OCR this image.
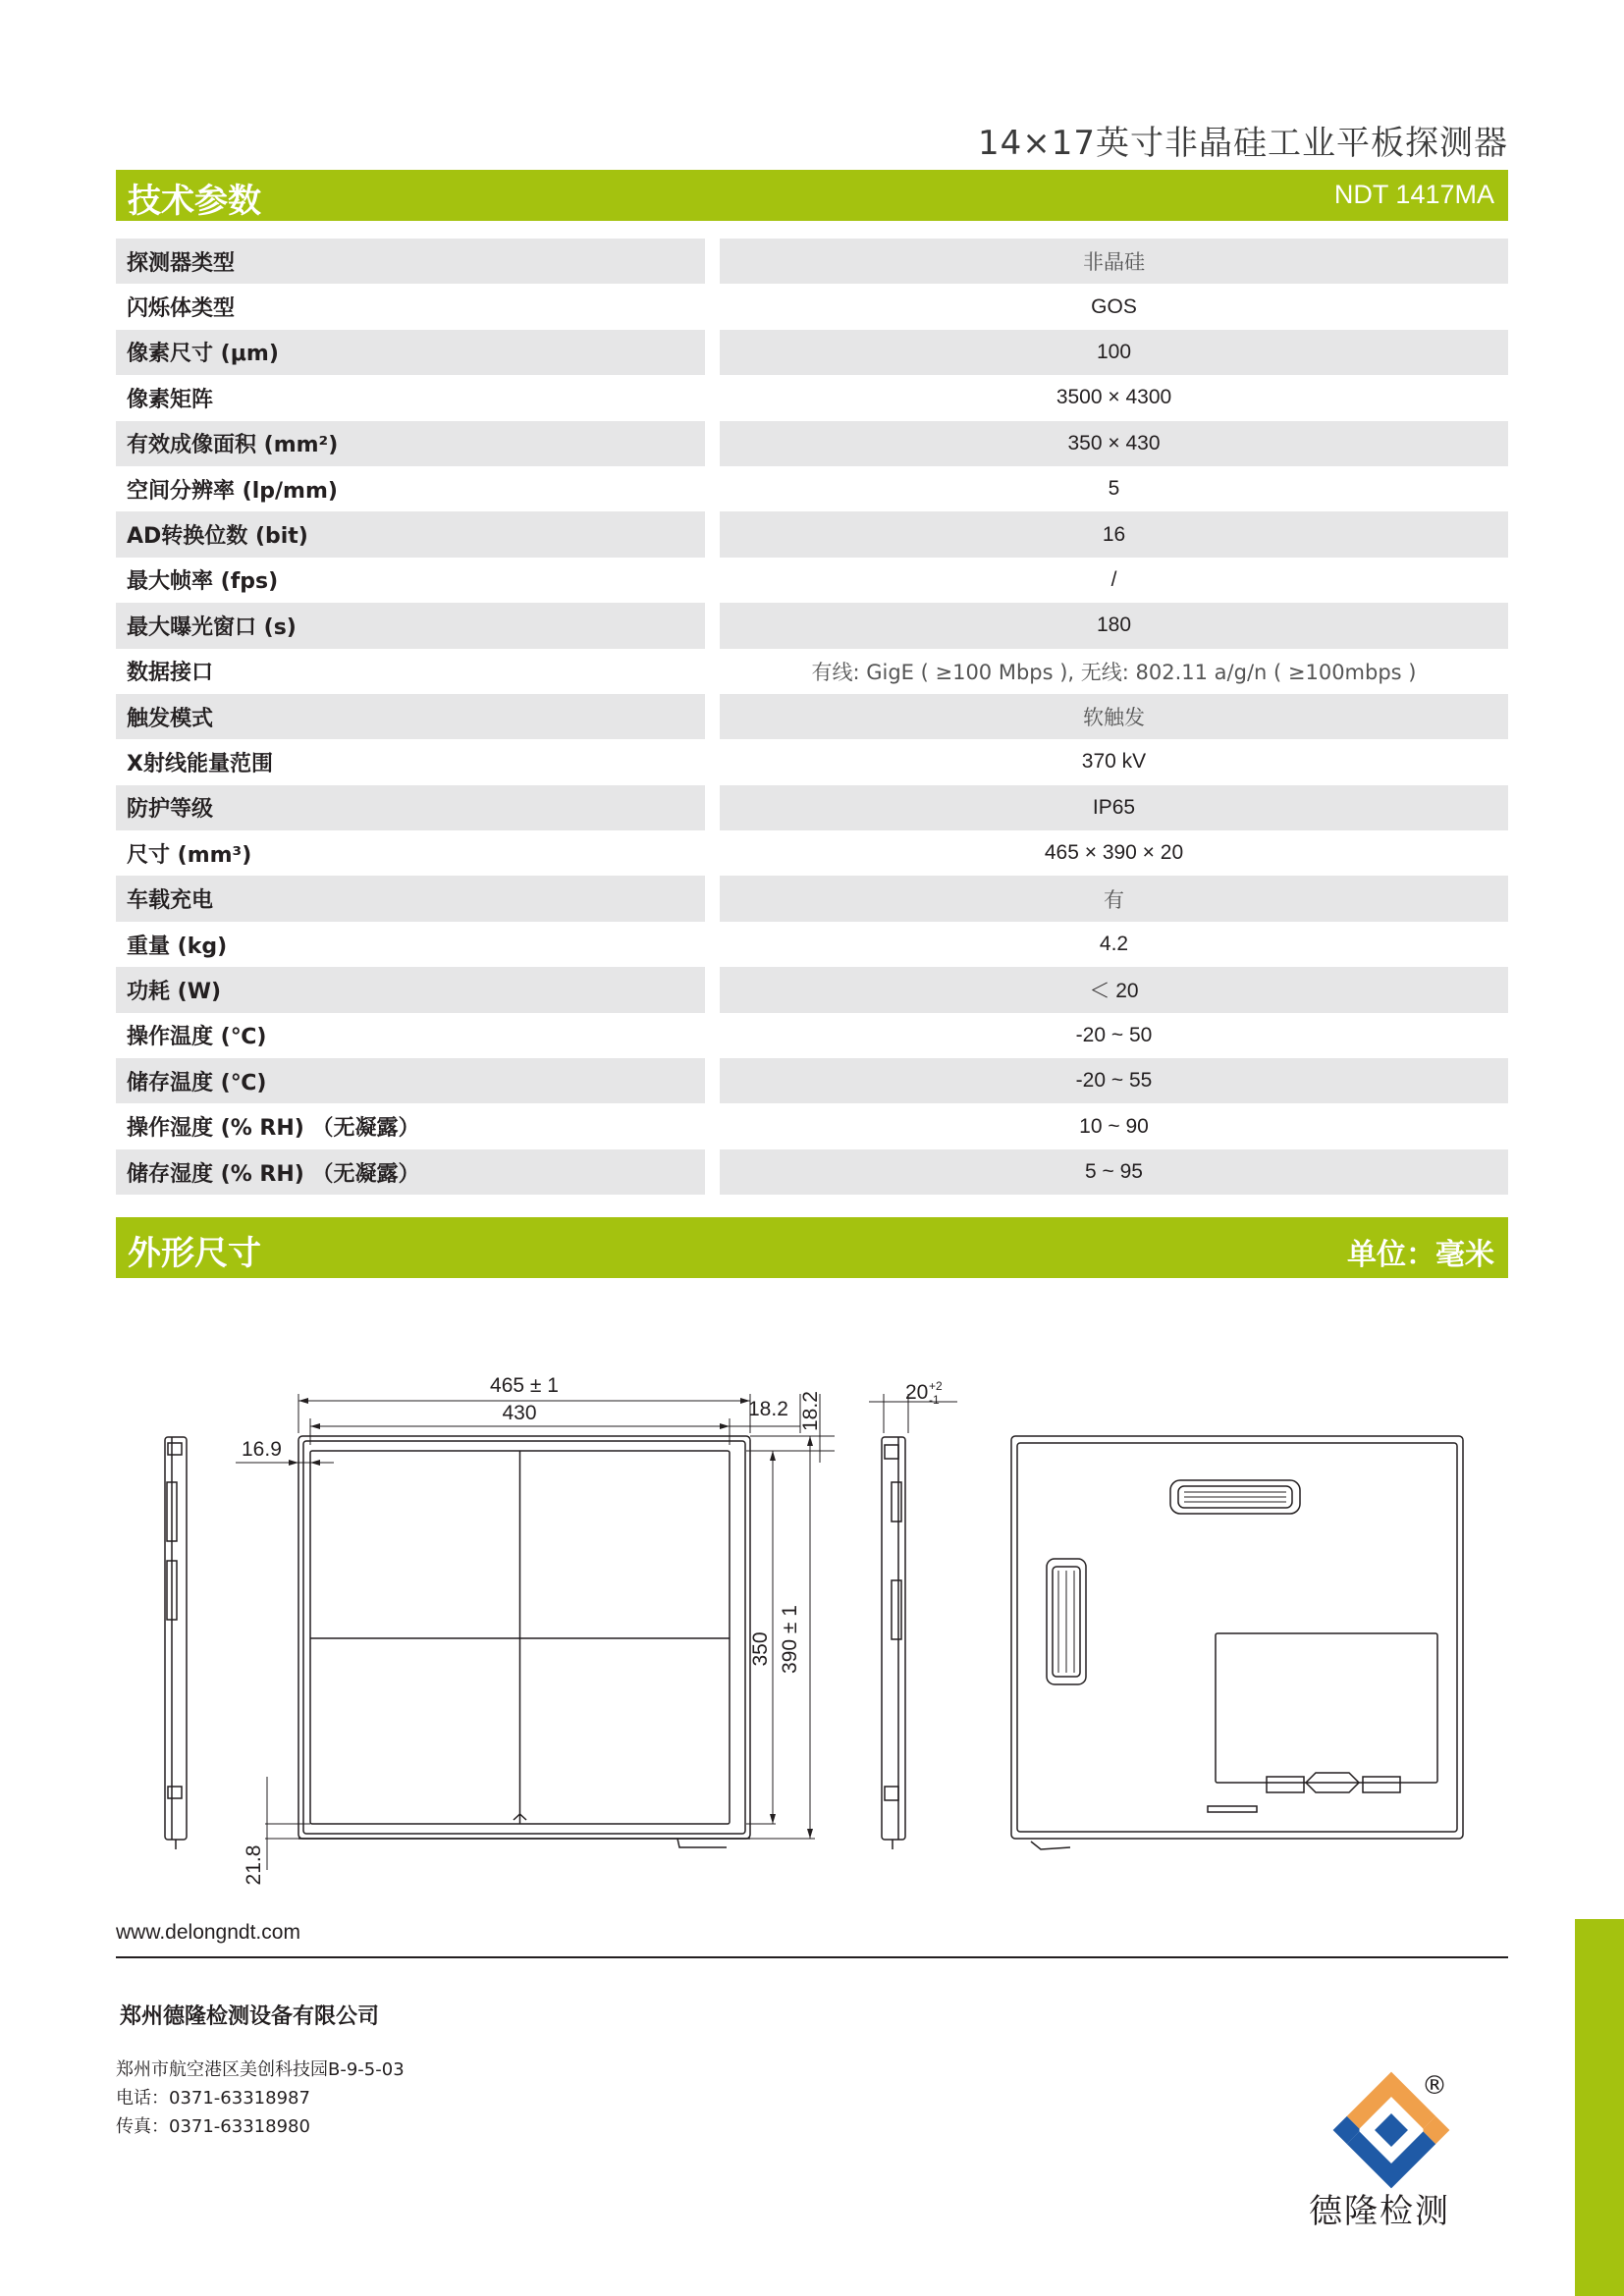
14×17英寸非晶硅工业平板探测器
技术参数	NDT 1417MA
探测器类型	非晶硅
闪烁体类型	GOS
像素尺寸 (μm)	100
像素矩阵	3500 × 4300
有效成像面积 (mm²)	350 × 430
空间分辨率 (lp/mm)	5
AD转换位数 (bit)	16
最大帧率 (fps)	/
最大曝光窗口 (s)	180
数据接口	有线: GigE ( ≥100 Mbps ), 无线: 802.11 a/g/n ( ≥100mbps )
触发模式	软触发
X射线能量范围	370 kV
防护等级	IP65
尺寸 (mm³)	465 × 390 × 20
车载充电	有
重量 (kg)	4.2
功耗 (W)	＜ 20
操作温度 (℃)	-20 ~ 50
储存温度 (℃)	-20 ~ 55
操作湿度 (% RH) （无凝露）	10 ~ 90
储存湿度 (% RH) （无凝露）	5 ~ 95
外形尺寸	单位：毫米
465 ± 1
430	18.2
16.9
18.2
350 390 ± 1
21.8
20 +2
-1
www.delongndt.com
郑州德隆检测设备有限公司
郑州市航空港区美创科技园B-9-5-03
电话：0371-63318987
传真：0371-63318980
®
德隆检测
